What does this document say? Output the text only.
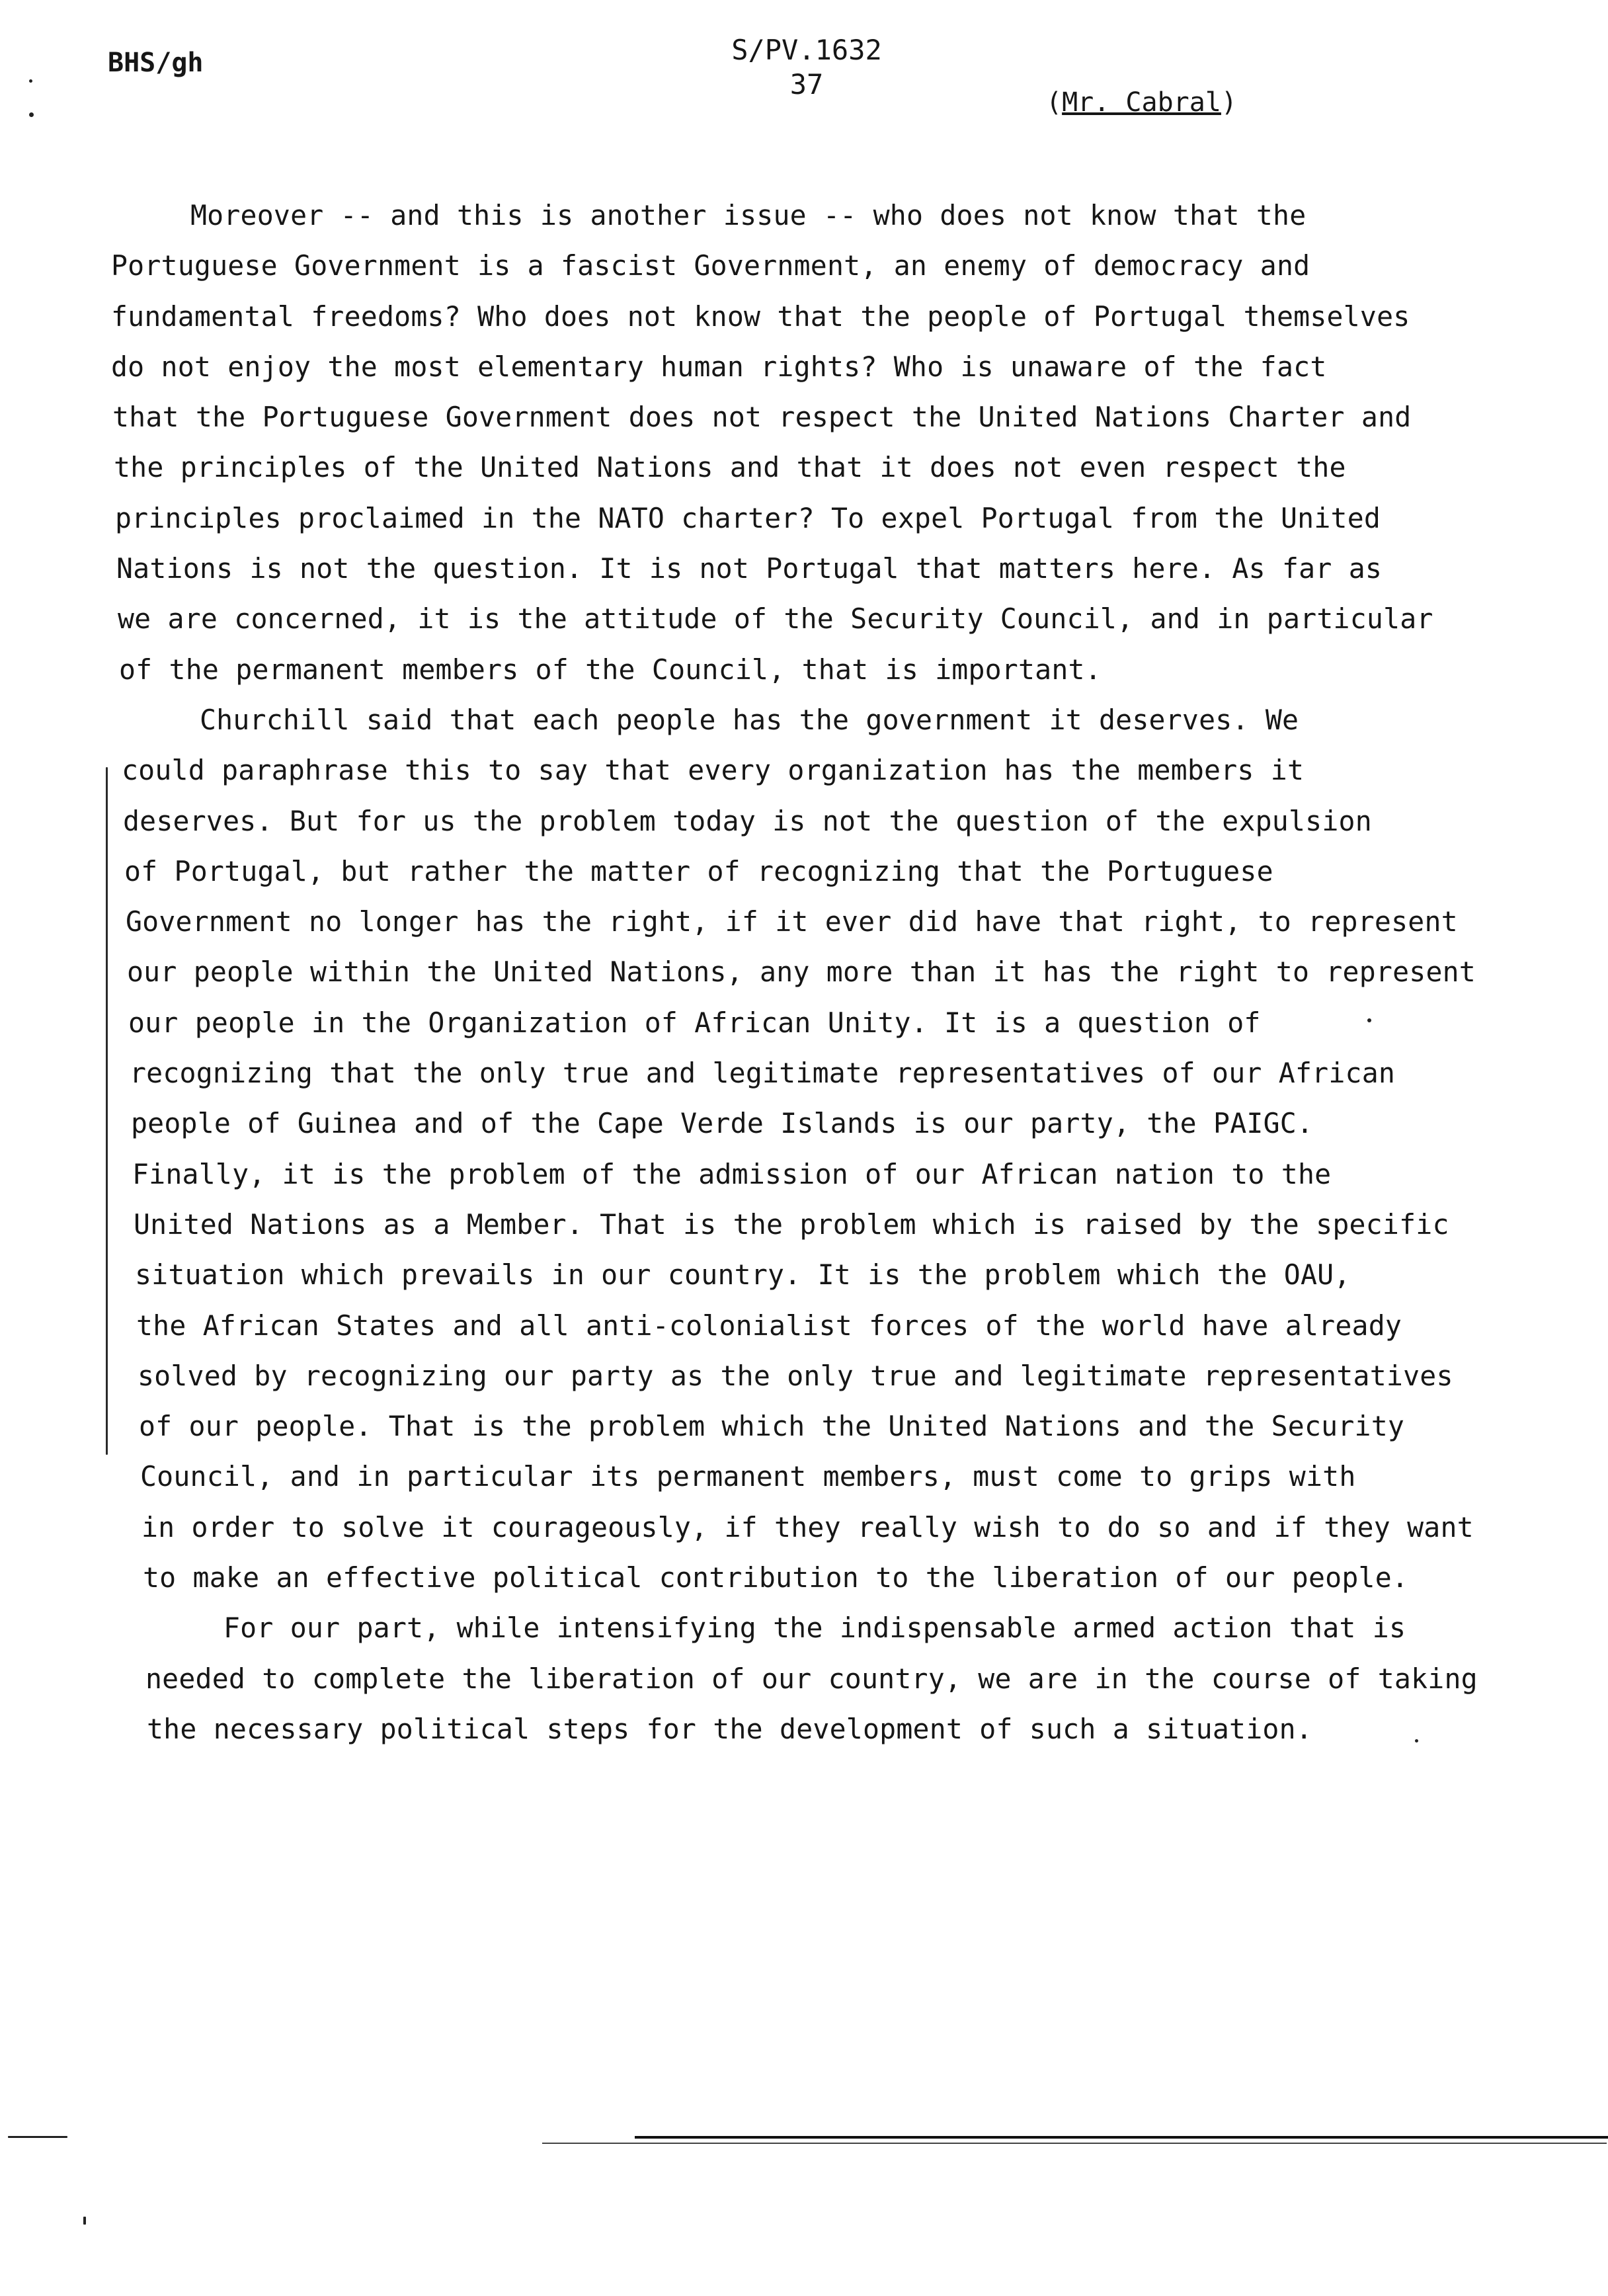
BHS/gh	S/PV.1632
37
(Mr. Cabral)
Moreover -- and this is another issue -- who does not know that the
Portuguese Government is a fascist Government, an enemy of democracy and
fundamental freedoms? Who does not know that the people of Portugal themselves
do not enjoy the most elementary human rights? Who is unaware of the fact
that the Portuguese Government does not respect the United Nations Charter and
the principles of the United Nations and that it does not even respect the
principles proclaimed in the NATO charter? To expel Portugal from the United
Nations is not the question. It is not Portugal that matters here. As far as
we are concerned, it is the attitude of the Security Council, and in particular
of the permanent members of the Council, that is important.
Churchill said that each people has the government it deserves. We
could paraphrase this to say that every organization has the members it
deserves. But for us the problem today is not the question of the expulsion
of Portugal, but rather the matter of recognizing that the Portuguese
Government no longer has the right, if it ever did have that right, to represent
our people within the United Nations, any more than it has the right to represent
our people in the Organization of African Unity. It is a question of
recognizing that the only true and legitimate representatives of our African
people of Guinea and of the Cape Verde Islands is our party, the PAIGC.
Finally, it is the problem of the admission of our African nation to the
United Nations as a Member. That is the problem which is raised by the specific
situation which prevails in our country. It is the problem which the OAU,
the African States and all anti-colonialist forces of the world have already
solved by recognizing our party as the only true and legitimate representatives
of our people. That is the problem which the United Nations and the Security
Council, and in particular its permanent members, must come to grips with
in order to solve it courageously, if they really wish to do so and if they want
to make an effective political contribution to the liberation of our people.
For our part, while intensifying the indispensable armed action that is
needed to complete the liberation of our country, we are in the course of taking
the necessary political steps for the development of such a situation.
